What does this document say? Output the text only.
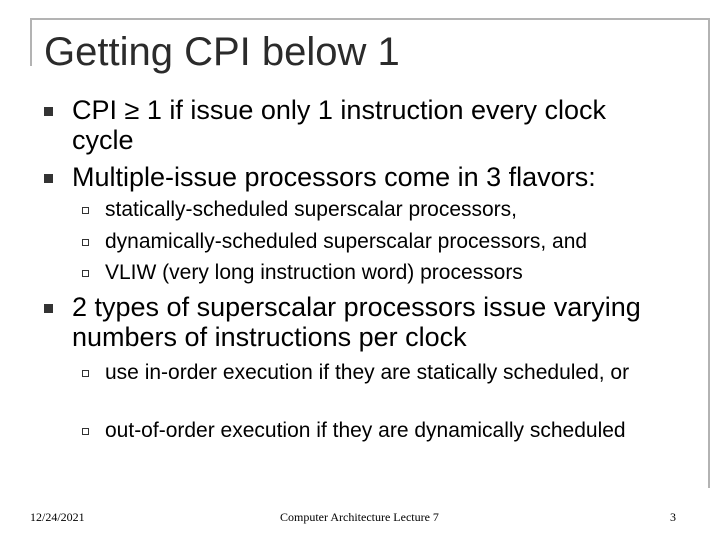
Getting CPI below 1
CPI ≥ 1 if issue only 1 instruction every clock cycle
Multiple-issue processors come in 3 flavors:
statically-scheduled superscalar processors,
dynamically-scheduled superscalar processors, and
VLIW (very long instruction word) processors
2 types of superscalar processors issue varying numbers of instructions per clock
use in-order execution if they are statically scheduled, or
out-of-order execution if they are dynamically scheduled
12/24/2021	Computer Architecture Lecture 7	3
